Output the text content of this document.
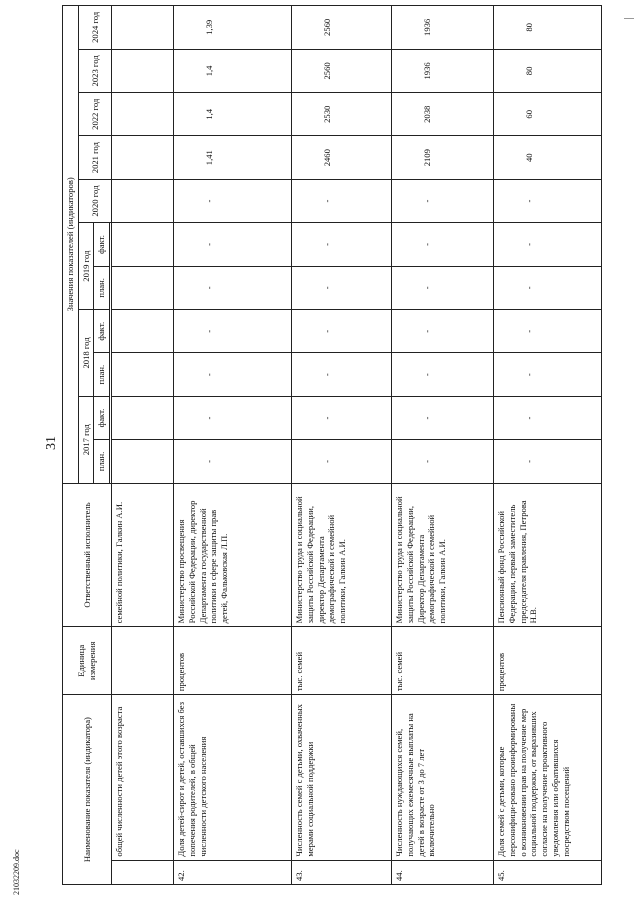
31
Наименование показателя (индикатора)		Единица измерения	Ответственный исполнитель	Значения показателей (индикаторов)										
				2017 год		2018 год		2019 год		2020 год	2021 год	2022 год	2023 год	2024 год
				план.	факт.	план.	факт.	план.	факт.					

	общей численности детей этого возраста		семейной политики, Галкин А.И.											
42.	Доля детей-сирот и детей, оставшихся без попечения родителей, в общей численности детского населения	процентов	Министерство просвещения Российской Федерации, директор Департамента государственной политики в сфере защиты прав детей, Фальковская Л.П.	-	-	-	-	-	-	-	1,41	1,4	1,4	1,39
43.	Численность семей с детьми, охваченных мерами социальной поддержки	тыс. семей	Министерство труда и социальной защиты Российской Федерации, директор Департамента демографической и семейной политики, Галкин А.И.	-	-	-	-	-	-	-	2460	2530	2560	2560
44.	Численность нуждающихся семей, получающих ежемесячные выплаты на детей в возрасте от 3 до 7 лет включительно	тыс. семей	Министерство труда и социальной защиты Российской Федерации, Директор Департамента демографической и семейной политики, Галкин А.И.	-	-	-	-	-	-	-	2109	2038	1936	1936
45.	Доля семей с детьми, которые персонифици-ровано проинформированы о возникновении прав на получение мер социальной поддержки, от выразивших согласие на получение проактивного уведомления или обратившихся посредством посещений	процентов	Пенсионный фонд Российской Федерации, первый заместитель председателя правления, Петрова Н.В.	-	-	-	-	-	-	-	40	60	80	80
21032209.doc
